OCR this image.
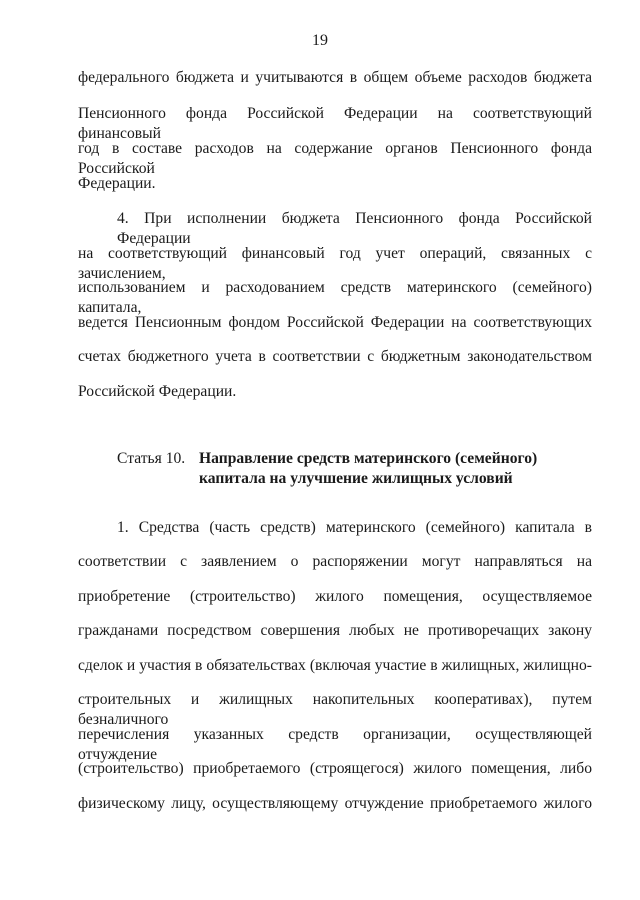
19
федерального бюджета и учитываются в общем объеме расходов бюджета
Пенсионного фонда Российской Федерации на соответствующий финансовый
год в составе расходов на содержание органов Пенсионного фонда Российской
Федерации.
4. При исполнении бюджета Пенсионного фонда Российской Федерации
на соответствующий финансовый год учет операций, связанных с зачислением,
использованием и расходованием средств материнского (семейного) капитала,
ведется Пенсионным фондом Российской Федерации на соответствующих
счетах бюджетного учета в соответствии с бюджетным законодательством
Российской Федерации.
Статья 10. Направление средств материнского (семейного)
капитала на улучшение жилищных условий
1. Средства (часть средств) материнского (семейного) капитала в
соответствии с заявлением о распоряжении могут направляться на
приобретение (строительство) жилого помещения, осуществляемое
гражданами посредством совершения любых не противоречащих закону
сделок и участия в обязательствах (включая участие в жилищных, жилищно-
строительных и жилищных накопительных кооперативах), путем безналичного
перечисления указанных средств организации, осуществляющей отчуждение
(строительство) приобретаемого (строящегося) жилого помещения, либо
физическому лицу, осуществляющему отчуждение приобретаемого жилого
